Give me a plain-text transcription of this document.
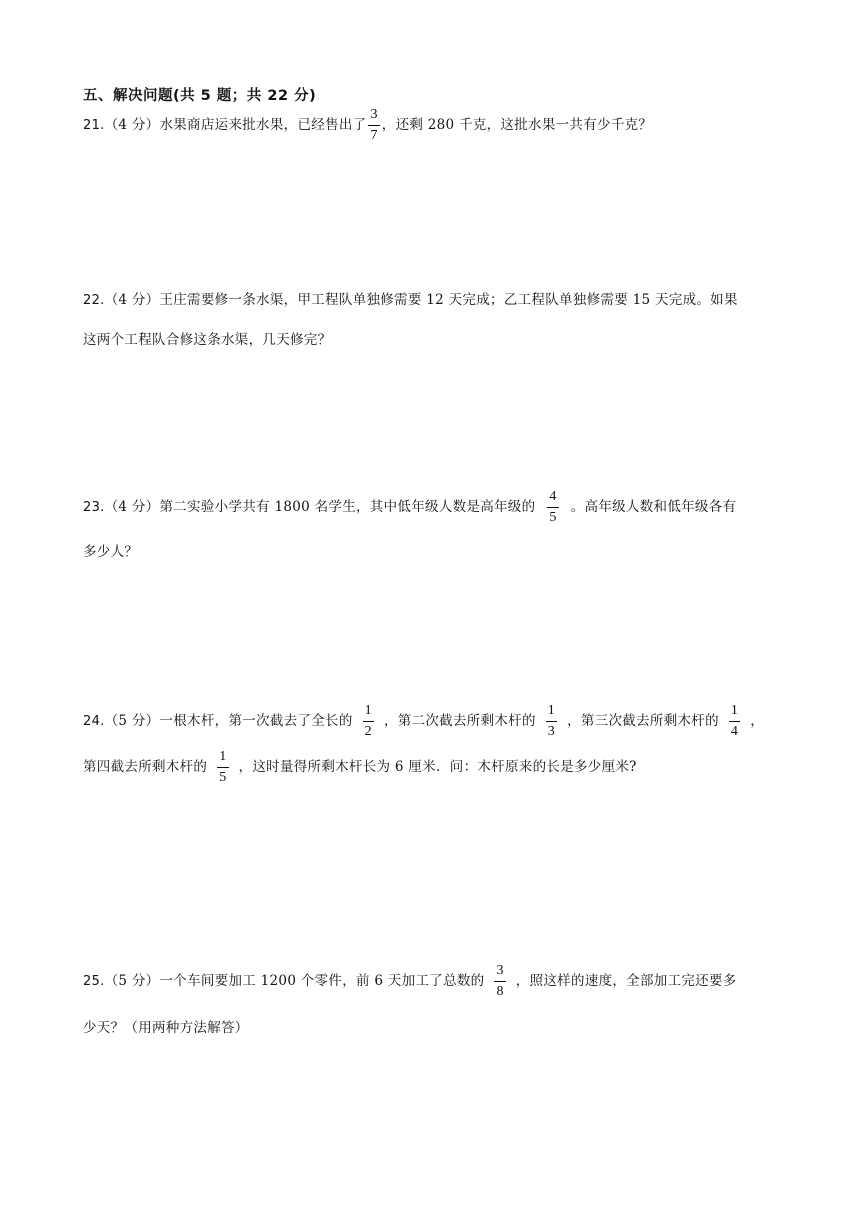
五、解决问题(共 5 题；共 22 分)
21.（4 分）水果商店运来批水果，已经售出了 $\frac{3}{7}$ ，还剩 280 千克，这批水果一共有少千克？
22.（4 分）王庄需要修一条水渠，甲工程队单独修需要 12 天完成；乙工程队单独修需要 15 天完成。如果
这两个工程队合修这条水渠，几天修完？
23.（4 分）第二实验小学共有 1800 名学生，其中低年级人数是高年级的 $\frac{4}{5}$ 。高年级人数和低年级各有
多少人？
24.（5 分）一根木杆，第一次截去了全长的 $\frac{1}{2}$ ，第二次截去所剩木杆的 $\frac{1}{3}$ ，第三次截去所剩木杆的 $\frac{1}{4}$ ，
第四截去所剩木杆的 $\frac{1}{5}$ ，这时量得所剩木杆长为 6 厘米．问：木杆原来的长是多少厘米?
25.（5 分）一个车间要加工 1200 个零件，前 6 天加工了总数的 $\frac{3}{8}$ ，照这样的速度，全部加工完还要多
少天？（用两种方法解答）
